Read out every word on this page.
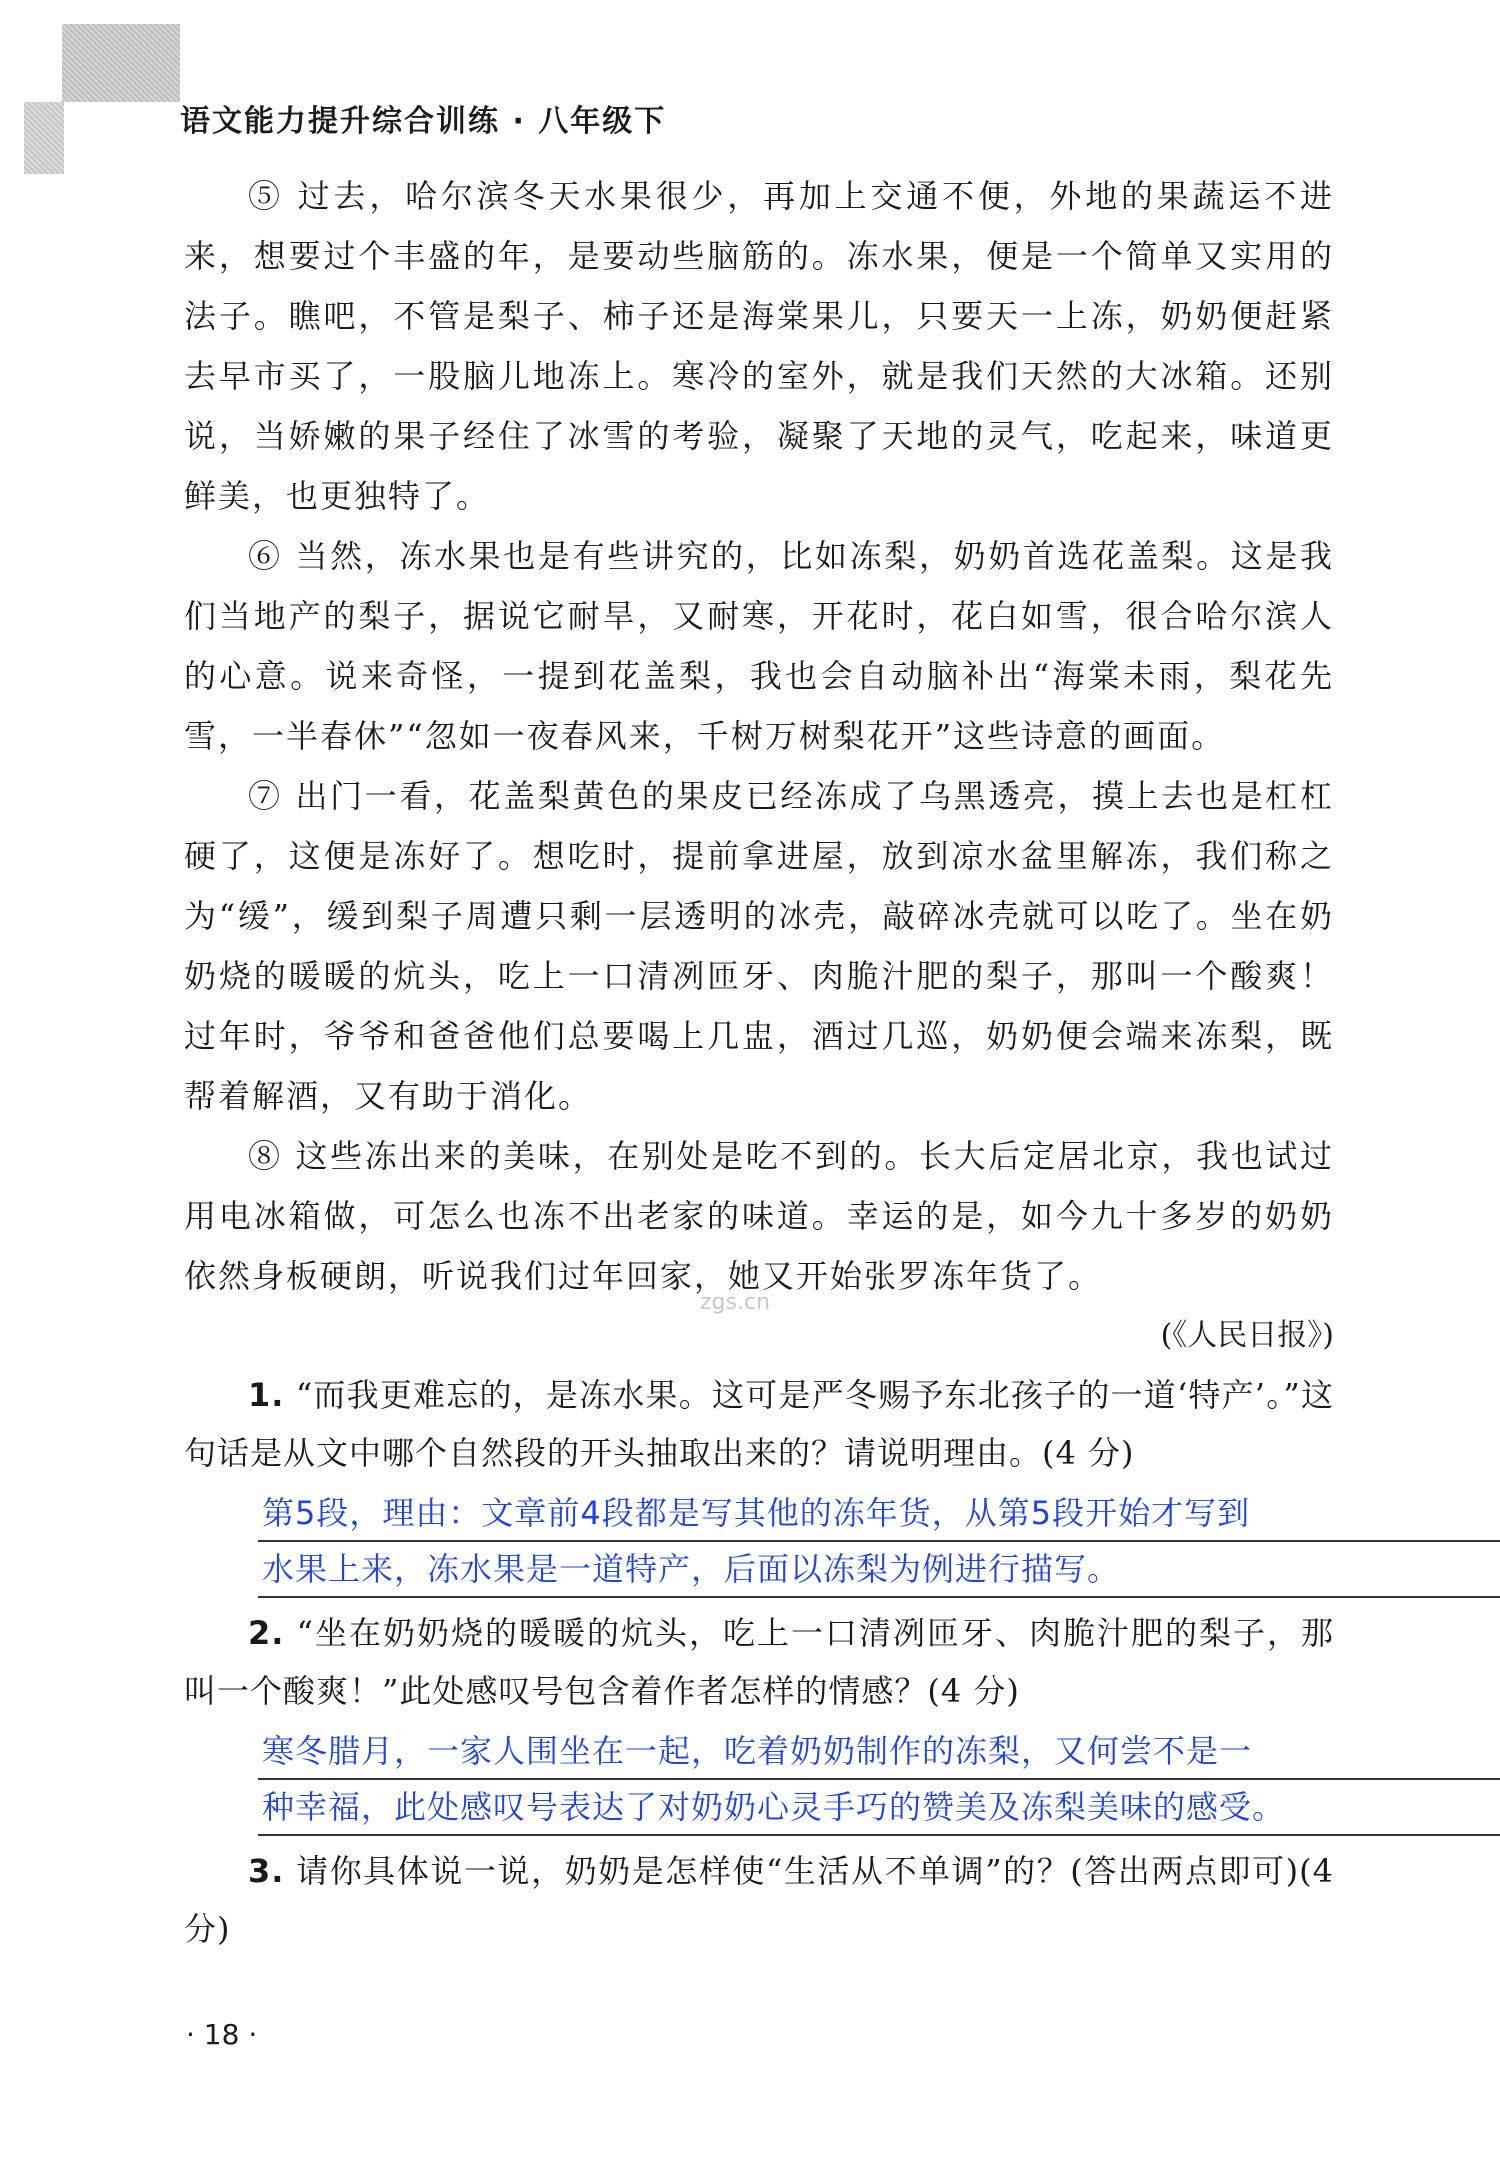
语文能力提升综合训练 · 八年级下
zgs.cn

⑤ 过去，哈尔滨冬天水果很少，再加上交通不便，外地的果蔬运不进来，想要过个丰盛的年，是要动些脑筋的。冻水果，便是一个简单又实用的法子。瞧吧，不管是梨子、柿子还是海棠果儿，只要天一上冻，奶奶便赶紧去早市买了，一股脑儿地冻上。寒冷的室外，就是我们天然的大冰箱。还别说，当娇嫩的果子经住了冰雪的考验，凝聚了天地的灵气，吃起来，味道更鲜美，也更独特了。

⑥ 当然，冻水果也是有些讲究的，比如冻梨，奶奶首选花盖梨。这是我们当地产的梨子，据说它耐旱，又耐寒，开花时，花白如雪，很合哈尔滨人的心意。说来奇怪，一提到花盖梨，我也会自动脑补出“海棠未雨，梨花先雪，一半春休”“忽如一夜春风来，千树万树梨花开”这些诗意的画面。

⑦ 出门一看，花盖梨黄色的果皮已经冻成了乌黑透亮，摸上去也是杠杠硬了，这便是冻好了。想吃时，提前拿进屋，放到凉水盆里解冻，我们称之为“缓”，缓到梨子周遭只剩一层透明的冰壳，敲碎冰壳就可以吃了。坐在奶奶烧的暖暖的炕头，吃上一口清冽匝牙、肉脆汁肥的梨子，那叫一个酸爽！过年时，爷爷和爸爸他们总要喝上几盅，酒过几巡，奶奶便会端来冻梨，既帮着解酒，又有助于消化。

⑧ 这些冻出来的美味，在别处是吃不到的。长大后定居北京，我也试过用电冰箱做，可怎么也冻不出老家的味道。幸运的是，如今九十多岁的奶奶依然身板硬朗，听说我们过年回家，她又开始张罗冻年货了。

(《人民日报》)

1. “而我更难忘的，是冻水果。这可是严冬赐予东北孩子的一道‘特产’。”这句话是从文中哪个自然段的开头抽取出来的？请说明理由。(4 分)

第5段，理由：文章前4段都是写其他的冻年货，从第5段开始才写到

水果上来，冻水果是一道特产，后面以冻梨为例进行描写。

2. “坐在奶奶烧的暖暖的炕头，吃上一口清冽匝牙、肉脆汁肥的梨子，那叫一个酸爽！”此处感叹号包含着作者怎样的情感？(4 分)

寒冬腊月，一家人围坐在一起，吃着奶奶制作的冻梨，又何尝不是一

种幸福，此处感叹号表达了对奶奶心灵手巧的赞美及冻梨美味的感受。

3. 请你具体说一说，奶奶是怎样使“生活从不单调”的？(答出两点即可)(4 分)

· 18 ·
